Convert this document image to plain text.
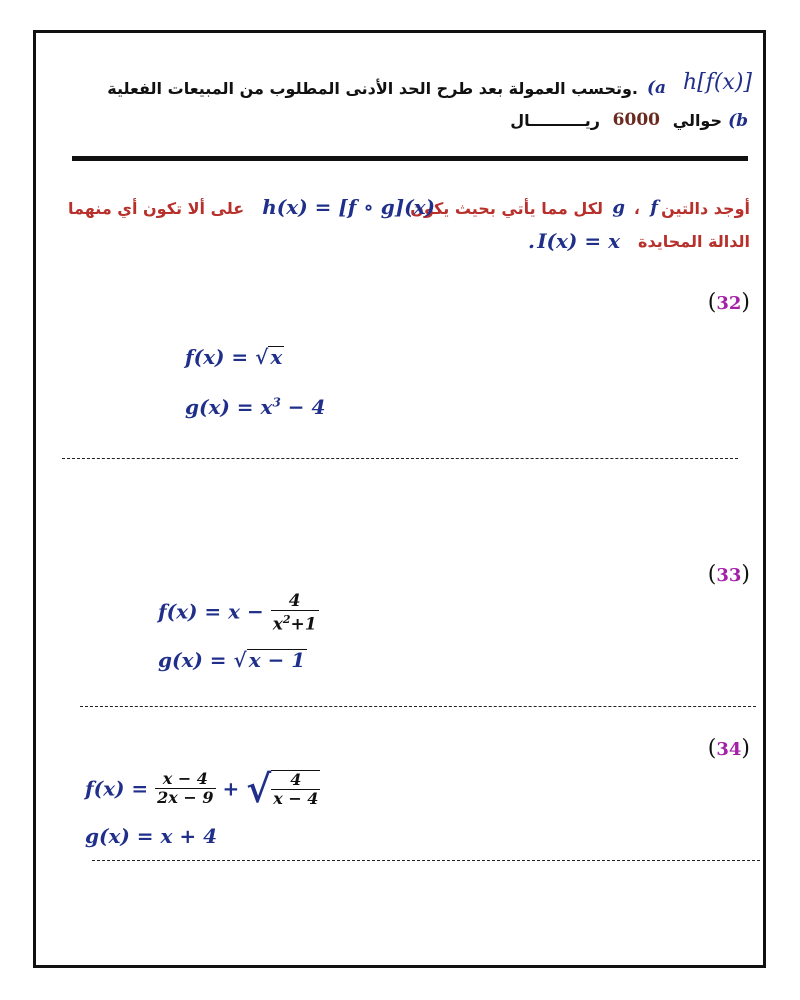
h[f(x)]
(a
وتحسب العمولة بعد طرح الحد الأدنى المطلوب من المبيعات الفعلية.
(b
حوالي
6000
ريــــــــــال
أوجد دالتين
f
،
g
لكل مما يأتي بحيث يكون
h(x) = [f ∘ g](x)
على ألا تكون أي منهما
الدالة المحايدة
I(x) = x
.
(32)
f(x) = √ x
$g(x) = x^3 - 4$
(33)
$f(x) = x - \frac{4}{x^2+1}$
g(x) = √ x − 1
(34)
$f(x) = \frac{x - 4}{2x - 9}$ + √ $\frac{4}{x - 4}$
g(x) = x + 4
